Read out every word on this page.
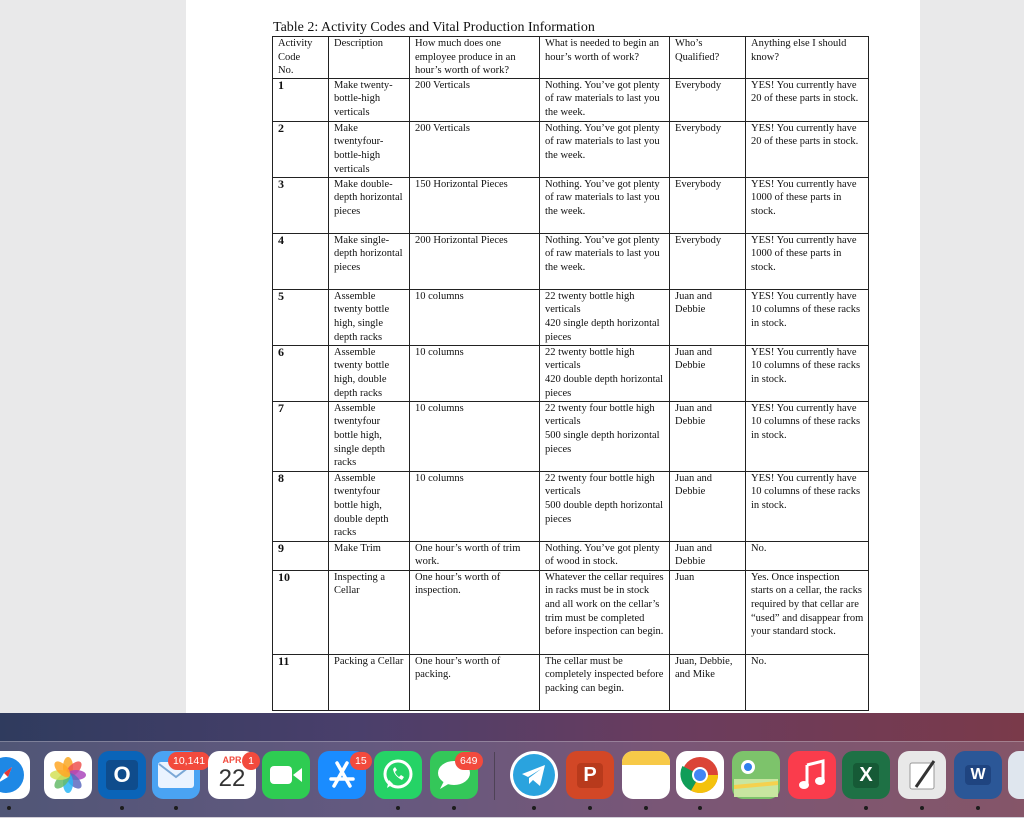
Table 2: Activity Codes and Vital Production Information
Activity
Code
No.	Description	How much does one employee produce in an hour’s worth of work?	What is needed to begin an hour’s worth of work?	Who’s Qualified?	Anything else I should know?
1	Make twenty-bottle-high verticals	200 Verticals	Nothing. You’ve got plenty of raw materials to last you the week.	Everybody	YES! You currently have 20 of these parts in stock.
2	Make twentyfour-bottle-high verticals	200 Verticals	Nothing. You’ve got plenty of raw materials to last you the week.	Everybody	YES! You currently have 20 of these parts in stock.
3	Make double-depth horizontal pieces	150 Horizontal Pieces	Nothing. You’ve got plenty of raw materials to last you the week.	Everybody	YES! You currently have 1000 of these parts in stock.
4	Make single-depth horizontal pieces	200 Horizontal Pieces	Nothing. You’ve got plenty of raw materials to last you the week.	Everybody	YES! You currently have 1000 of these parts in stock.
5	Assemble twenty bottle high, single depth racks	10 columns	22 twenty bottle high verticals
420 single depth horizontal pieces	Juan and Debbie	YES! You currently have 10 columns of these racks in stock.
6	Assemble twenty bottle high, double depth racks	10 columns	22 twenty bottle high verticals
420 double depth horizontal pieces	Juan and Debbie	YES! You currently have 10 columns of these racks in stock.
7	Assemble twentyfour bottle high, single depth racks	10 columns	22 twenty four bottle high verticals
500 single depth horizontal pieces	Juan and Debbie	YES! You currently have 10 columns of these racks in stock.
8	Assemble twentyfour bottle high, double depth racks	10 columns	22 twenty four bottle high verticals
500 double depth horizontal pieces	Juan and Debbie	YES! You currently have 10 columns of these racks in stock.
9	Make Trim	One hour’s worth of trim work.	Nothing. You’ve got plenty of wood in stock.	Juan and Debbie	No.
10	Inspecting a Cellar	One hour’s worth of inspection.	Whatever the cellar requires in racks must be in stock and all work on the cellar’s trim must be completed before inspection can begin.	Juan	Yes. Once inspection starts on a cellar, the racks required by that cellar are “used” and disappear from your standard stock.
11	Packing a Cellar	One hour’s worth of packing.	The cellar must be completely inspected before packing can begin.	Juan, Debbie, and Mike	No.
O
10,141	APR
22
1	15	649
P	X	W
